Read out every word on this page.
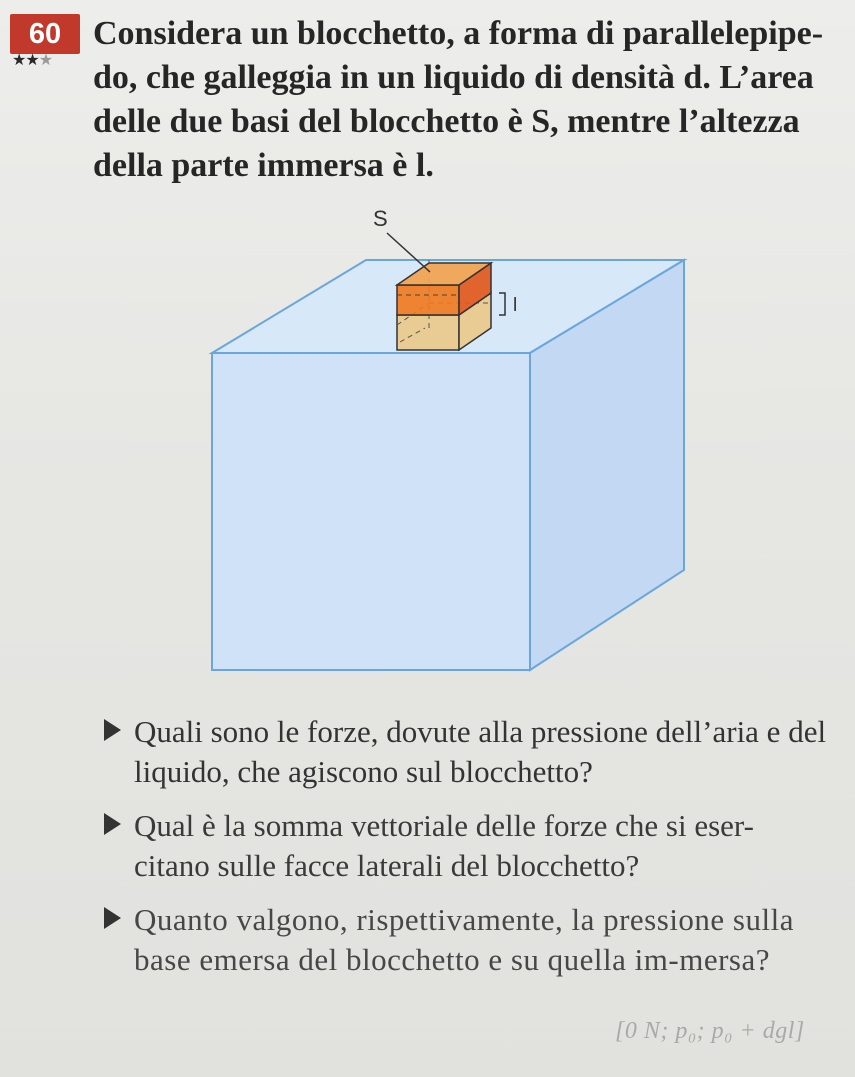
60
★★★
Considera un blocchetto, a forma di parallelepipe-do, che galleggia in un liquido di densità d. L’area delle due basi del blocchetto è S, mentre l’altezza della parte immersa è l.
S
l
Quali sono le forze, dovute alla pressione dell’aria e del liquido, che agiscono sul blocchetto?
Qual è la somma vettoriale delle forze che si eser-citano sulle facce laterali del blocchetto?
Quanto valgono, rispettivamente, la pressione sulla base emersa del blocchetto e su quella im-mersa?
[0 N; p₀; p₀ + dgl]
